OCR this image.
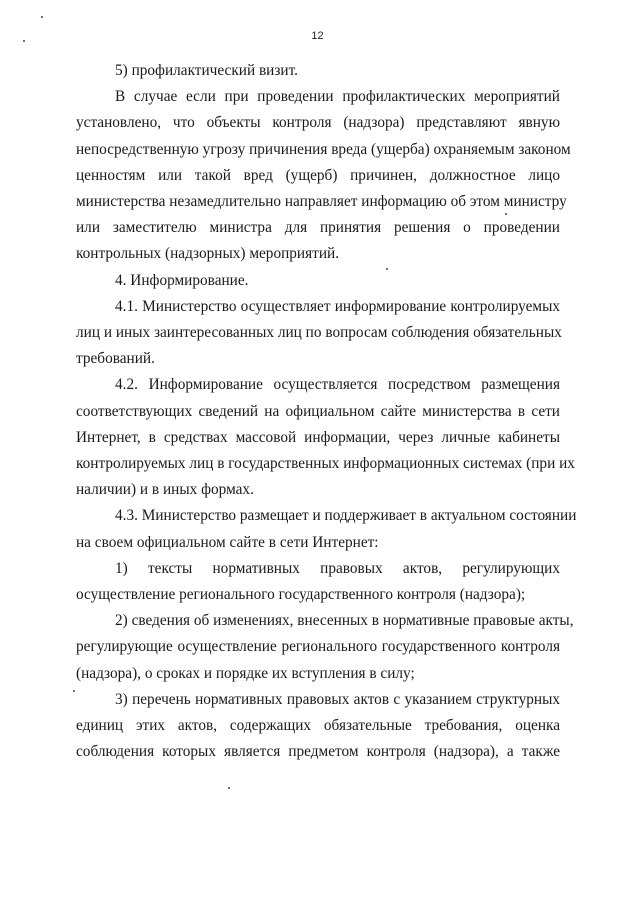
12
5) профилактический визит.
В случае если при проведении профилактических мероприятий
установлено, что объекты контроля (надзора) представляют явную
непосредственную угрозу причинения вреда (ущерба) охраняемым законом
ценностям или такой вред (ущерб) причинен, должностное лицо
министерства незамедлительно направляет информацию об этом министру
или заместителю министра для принятия решения о проведении
контрольных (надзорных) мероприятий.
4. Информирование.
4.1. Министерство осуществляет информирование контролируемых
лиц и иных заинтересованных лиц по вопросам соблюдения обязательных
требований.
4.2. Информирование осуществляется посредством размещения
соответствующих сведений на официальном сайте министерства в сети
Интернет, в средствах массовой информации, через личные кабинеты
контролируемых лиц в государственных информационных системах (при их
наличии) и в иных формах.
4.3. Министерство размещает и поддерживает в актуальном состоянии
на своем официальном сайте в сети Интернет:
1) тексты нормативных правовых актов, регулирующих
осуществление регионального государственного контроля (надзора);
2) сведения об изменениях, внесенных в нормативные правовые акты,
регулирующие осуществление регионального государственного контроля
(надзора), о сроках и порядке их вступления в силу;
3) перечень нормативных правовых актов с указанием структурных
единиц этих актов, содержащих обязательные требования, оценка
соблюдения которых является предметом контроля (надзора), а также
